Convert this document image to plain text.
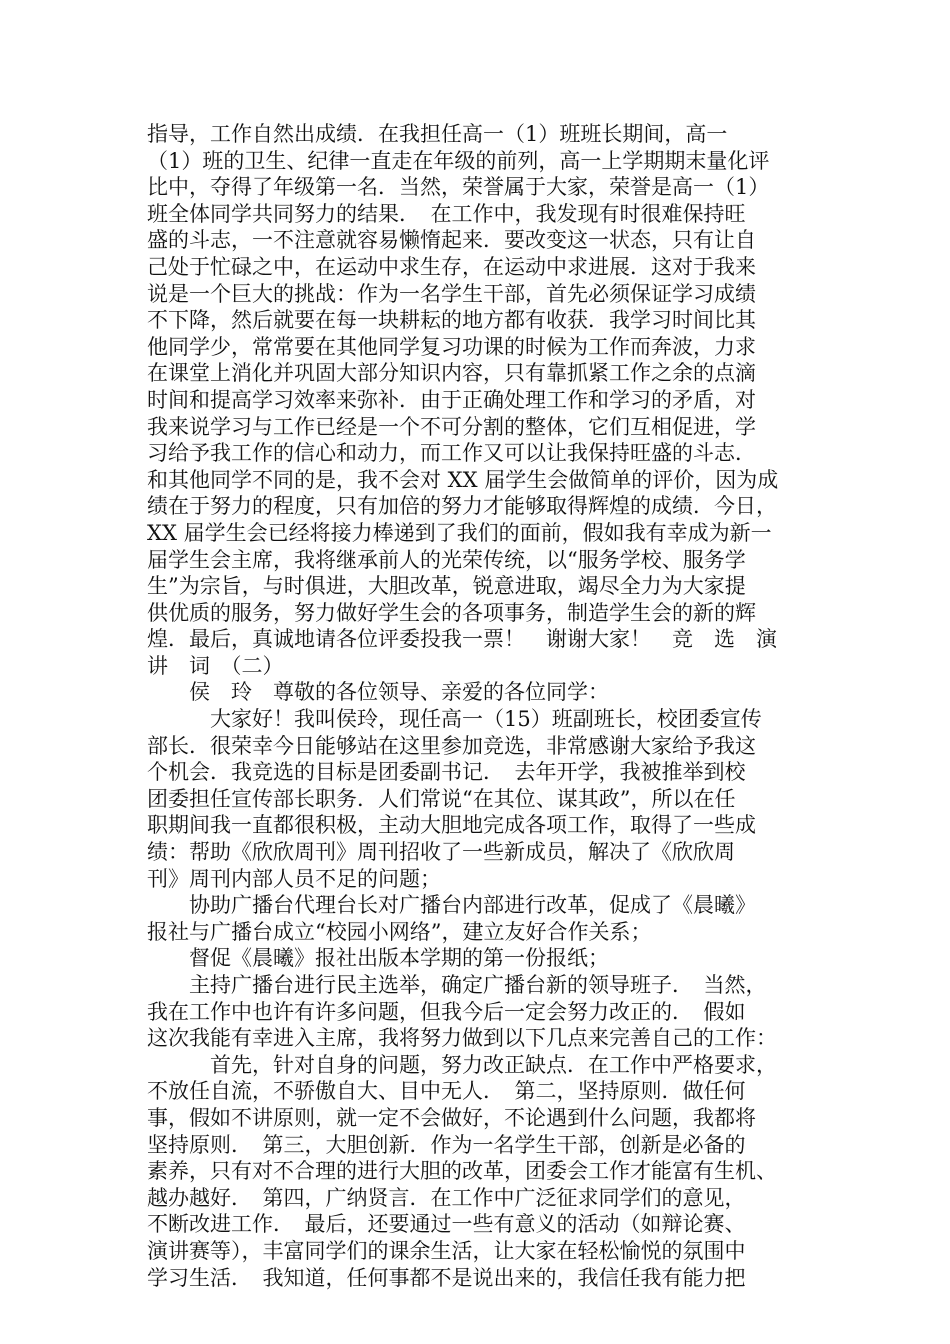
指导，工作自然出成绩．在我担任高一（1）班班长期间，高一
（1）班的卫生、纪律一直走在年级的前列，高一上学期期末量化评
比中，夺得了年级第一名．当然，荣誉属于大家，荣誉是高一（1）
班全体同学共同努力的结果．　在工作中，我发现有时很难保持旺
盛的斗志，一不注意就容易懒惰起来．要改变这一状态，只有让自
己处于忙碌之中，在运动中求生存，在运动中求进展．这对于我来
说是一个巨大的挑战：作为一名学生干部，首先必须保证学习成绩
不下降，然后就要在每一块耕耘的地方都有收获．我学习时间比其
他同学少，常常要在其他同学复习功课的时候为工作而奔波，力求
在课堂上消化并巩固大部分知识内容，只有靠抓紧工作之余的点滴
时间和提高学习效率来弥补．由于正确处理工作和学习的矛盾，对
我来说学习与工作已经是一个不可分割的整体，它们互相促进，学
习给予我工作的信心和动力，而工作又可以让我保持旺盛的斗志．
和其他同学不同的是，我不会对 XX 届学生会做简单的评价，因为成
绩在于努力的程度，只有加倍的努力才能够取得辉煌的成绩．今日，
XX 届学生会已经将接力棒递到了我们的面前，假如我有幸成为新一
届学生会主席，我将继承前人的光荣传统，以“服务学校、服务学
生”为宗旨，与时俱进，大胆改革，锐意进取，竭尽全力为大家提
供优质的服务，努力做好学生会的各项事务，制造学生会的新的辉
煌．最后，真诚地请各位评委投我一票！　谢谢大家！　竞　选　演
讲　词　（二）
　　侯　玲　尊敬的各位领导、亲爱的各位同学：
　　　大家好！我叫侯玲，现任高一（15）班副班长，校团委宣传
部长．很荣幸今日能够站在这里参加竞选，非常感谢大家给予我这
个机会．我竞选的目标是团委副书记．　去年开学，我被推举到校
团委担任宣传部长职务．人们常说“在其位、谋其政”，所以在任
职期间我一直都很积极，主动大胆地完成各项工作，取得了一些成
绩：帮助《欣欣周刊》周刊招收了一些新成员，解决了《欣欣周
刊》周刊内部人员不足的问题；
　　协助广播台代理台长对广播台内部进行改革，促成了《晨曦》
报社与广播台成立“校园小网络”，建立友好合作关系；
　　督促《晨曦》报社出版本学期的第一份报纸；
　　主持广播台进行民主选举，确定广播台新的领导班子．　当然，
我在工作中也许有许多问题，但我今后一定会努力改正的．　假如
这次我能有幸进入主席，我将努力做到以下几点来完善自己的工作：
　　　首先，针对自身的问题，努力改正缺点．在工作中严格要求，
不放任自流，不骄傲自大、目中无人．　第二，坚持原则．做任何
事，假如不讲原则，就一定不会做好，不论遇到什么问题，我都将
坚持原则．　第三，大胆创新．作为一名学生干部，创新是必备的
素养，只有对不合理的进行大胆的改革，团委会工作才能富有生机、
越办越好．　第四，广纳贤言．在工作中广泛征求同学们的意见，
不断改进工作．　最后，还要通过一些有意义的活动（如辩论赛、
演讲赛等），丰富同学们的课余生活，让大家在轻松愉悦的氛围中
学习生活．　我知道，任何事都不是说出来的，我信任我有能力把
